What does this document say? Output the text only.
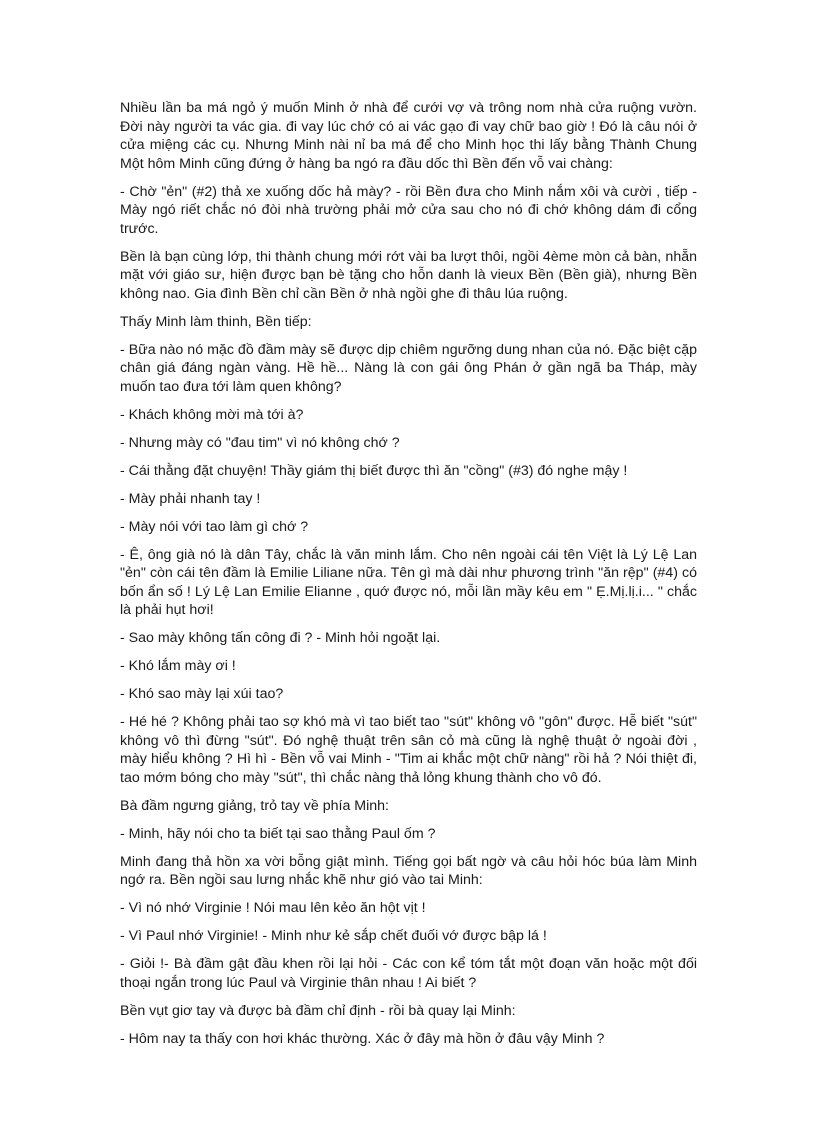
Nhiều lần ba má ngỏ ý muốn Minh ở nhà để cưới vợ và trông nom nhà cửa ruộng vườn. Đời này người ta vác gia. đi vay lúc chớ có ai vác gạo đi vay chữ bao giờ ! Đó là câu nói ở cửa miệng các cụ. Nhưng Minh nài nỉ ba má để cho Minh học thi lấy bằng Thành Chung Một hôm Minh cũng đứng ở hàng ba ngó ra đầu dốc thì Bền đến vỗ vai chàng:

- Chờ "ẻn" (#2) thả xe xuống dốc hả mày? - rồi Bền đưa cho Minh nắm xôi và cười , tiếp - Mày ngó riết chắc nó đòi nhà trường phải mở cửa sau cho nó đi chớ không dám đi cổng trước.

Bền là bạn cùng lớp, thi thành chung mới rớt vài ba lượt thôi, ngồi 4ème mòn cả bàn, nhẵn mặt với giáo sư, hiện được bạn bè tặng cho hỗn danh là vieux Bền (Bền già), nhưng Bền không nao. Gia đình Bền chỉ cần Bền ở nhà ngồi ghe đi thâu lúa ruộng.

Thấy Minh làm thinh, Bền tiếp:

- Bữa nào nó mặc đồ đầm mày sẽ được dịp chiêm ngưỡng dung nhan của nó. Đặc biệt cặp chân giá đáng ngàn vàng. Hề hề... Nàng là con gái ông Phán ở gần ngã ba Tháp, mày muốn tao đưa tới làm quen không?

- Khách không mời mà tới à?

- Nhưng mày có "đau tim" vì nó không chớ ?

- Cái thằng đặt chuyện! Thầy giám thị biết được thì ăn "cồng" (#3) đó nghe mậy !

- Mày phải nhanh tay !

- Mày nói với tao làm gì chớ ?

- Ê, ông già nó là dân Tây, chắc là văn minh lắm. Cho nên ngoài cái tên Việt là Lý Lệ Lan "ẻn" còn cái tên đầm là Emilie Liliane nữa. Tên gì mà dài như phương trình "ăn rệp" (#4) có bốn ẩn số ! Lý Lệ Lan Emilie Elianne , quớ được nó, mỗi lần mầy kêu em " Ẹ.Mị.lị.i... " chắc là phải hụt hơi!

- Sao mày không tấn công đi ? - Minh hỏi ngoặt lại.

- Khó lắm mày ơi !

- Khó sao mày lại xúi tao?

- Hé hé ? Không phải tao sợ khó mà vì tao biết tao "sút" không vô "gôn" được. Hễ biết "sút" không vô thì đừng "sút". Đó nghệ thuật trên sân cỏ mà cũng là nghệ thuật ở ngoài đời , mày hiểu không ? Hì hì - Bền vỗ vai Minh - "Tim ai khắc một chữ nàng" rồi hả ? Nói thiệt đi, tao mớm bóng cho mày "sút", thì chắc nàng thả lỏng khung thành cho vô đó.

Bà đầm ngưng giảng, trỏ tay về phía Minh:

- Minh, hãy nói cho ta biết tại sao thằng Paul ốm ?

Minh đang thả hồn xa vời bỗng giật mình. Tiếng gọi bất ngờ và câu hỏi hóc búa làm Minh ngớ ra. Bền ngồi sau lưng nhắc khẽ như gió vào tai Minh:

- Vì nó nhớ Virginie ! Nói mau lên kẻo ăn hột vịt !

- Vì Paul nhớ Virginie! - Minh như kẻ sắp chết đuối vớ được bập lá !

- Giỏi !- Bà đầm gật đầu khen rồi lại hỏi - Các con kể tóm tắt một đoạn văn hoặc một đối thoại ngắn trong lúc Paul và Virginie thân nhau ! Ai biết ?

Bền vụt giơ tay và được bà đầm chỉ định - rồi bà quay lại Minh:

- Hôm nay ta thấy con hơi khác thường. Xác ở đây mà hồn ở đâu vậy Minh ?
